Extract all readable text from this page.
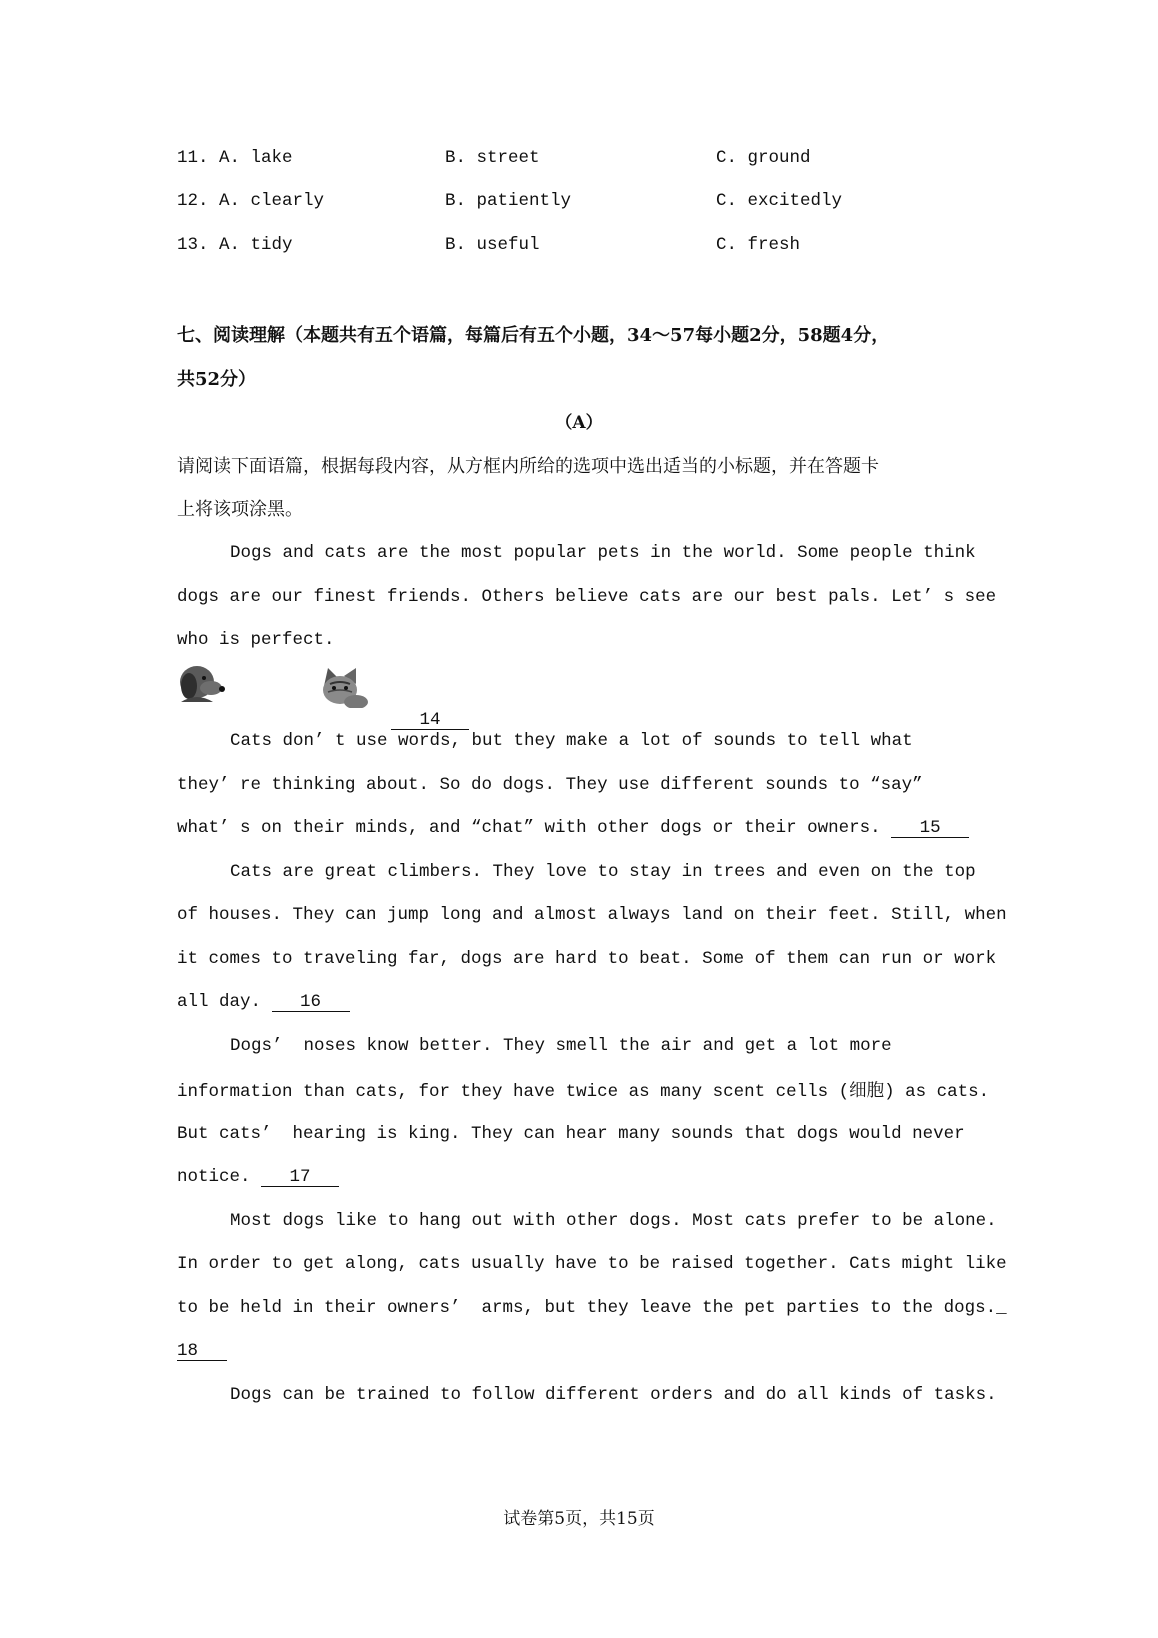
11. A. lake	B. street	C. ground
12. A. clearly	B. patiently	C. excitedly
13. A. tidy	B. useful	C. fresh
七、阅读理解（本题共有五个语篇，每篇后有五个小题，34～57每小题2分，58题4分，
共52分）
（A）
请阅读下面语篇，根据每段内容，从方框内所给的选项中选出适当的小标题，并在答题卡
上将该项涂黑。
Dogs and cats are the most popular pets in the world. Some people think
dogs are our finest friends. Others believe cats are our best pals. Let’ s see
who is perfect.

14

Cats don’ t use words, but they make a lot of sounds to tell what
they’ re thinking about. So do dogs. They use different sounds to “say”
what’ s on their minds, and “chat” with other dogs or their owners. 15
Cats are great climbers. They love to stay in trees and even on the top
of houses. They can jump long and almost always land on their feet. Still, when
it comes to traveling far, dogs are hard to beat. Some of them can run or work
all day. 16
Dogs’  noses know better. They smell the air and get a lot more
information than cats, for they have twice as many scent cells (细胞) as cats.
But cats’  hearing is king. They can hear many sounds that dogs would never
notice. 17
Most dogs like to hang out with other dogs. Most cats prefer to be alone.
In order to get along, cats usually have to be raised together. Cats might like
to be held in their owners’  arms, but they leave the pet parties to the dogs._
18
Dogs can be trained to follow different orders and do all kinds of tasks.
试卷第5页，共15页
